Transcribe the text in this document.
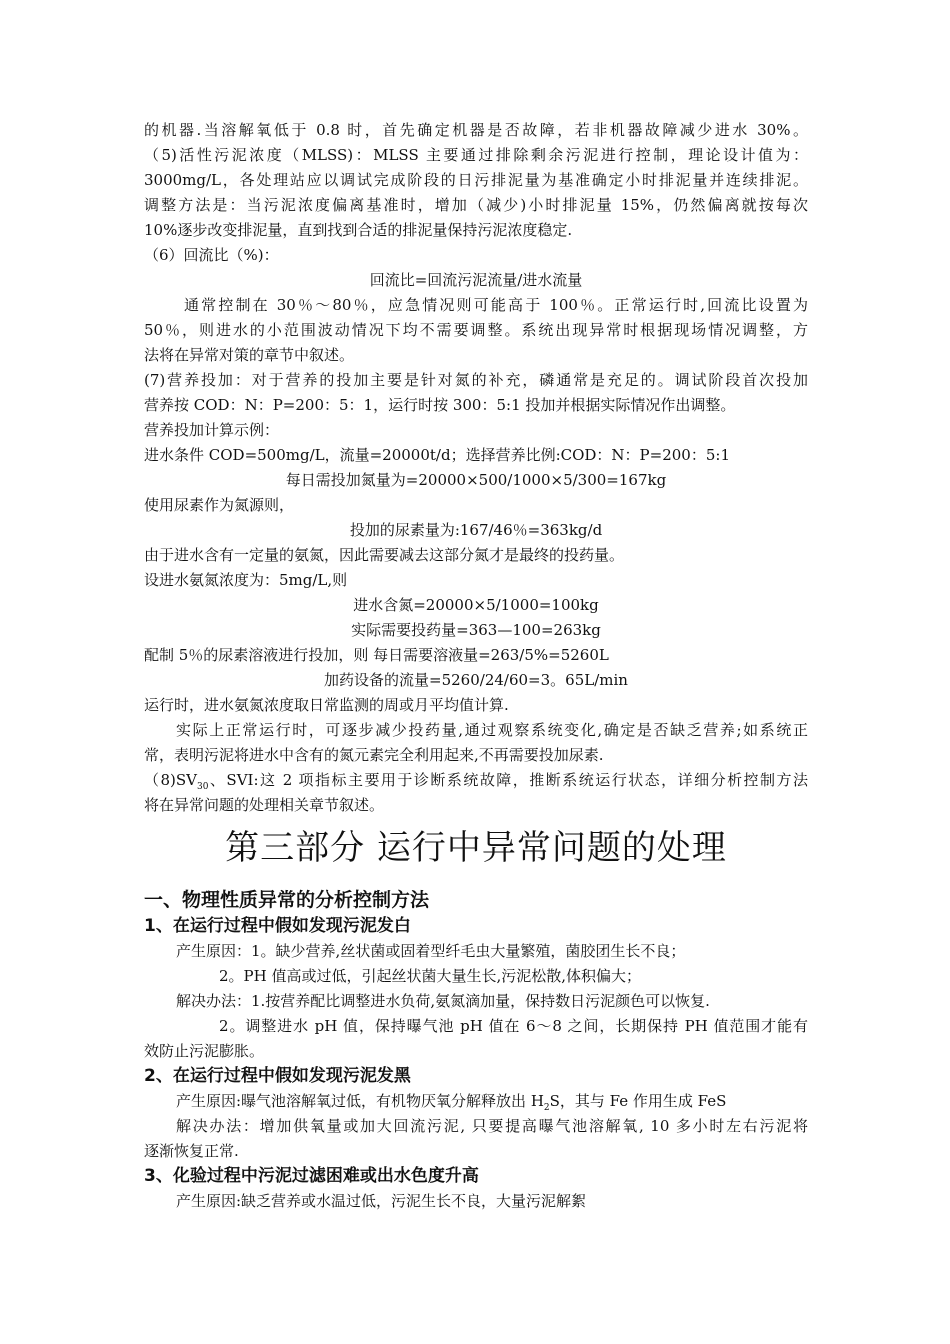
的机器.当溶解氧低于 0.8 时，首先确定机器是否故障，若非机器故障减少进水 30%。
（5)活性污泥浓度（MLSS)：MLSS 主要通过排除剩余污泥进行控制，理论设计值为：
3000mg/L，各处理站应以调试完成阶段的日污排泥量为基准确定小时排泥量并连续排泥。
调整方法是：当污泥浓度偏离基准时，增加（减少)小时排泥量 15%，仍然偏离就按每次
10%逐步改变排泥量，直到找到合适的排泥量保持污泥浓度稳定.
（6）回流比（%)：
回流比=回流污泥流量/进水流量
通常控制在 30％～80％，应急情况则可能高于 100％。正常运行时,回流比设置为
50％，则进水的小范围波动情况下均不需要调整。系统出现异常时根据现场情况调整，方
法将在异常对策的章节中叙述。
(7)营养投加：对于营养的投加主要是针对氮的补充，磷通常是充足的。调试阶段首次投加
营养按 COD：N：P=200：5：1，运行时按 300：5:1 投加并根据实际情况作出调整。
营养投加计算示例：
进水条件 COD=500mg/L，流量=20000t/d；选择营养比例:COD：N：P=200：5:1
每日需投加氮量为=20000×500/1000×5/300=167kg
使用尿素作为氮源则，
投加的尿素量为:167/46％=363kg/d
由于进水含有一定量的氨氮，因此需要减去这部分氮才是最终的投药量。
设进水氨氮浓度为：5mg/L,则
进水含氮=20000×5/1000=100kg
实际需要投药量=363—100=263kg
配制 5％的尿素溶液进行投加，则 每日需要溶液量=263/5%=5260L
加药设备的流量=5260/24/60=3。65L/min
运行时，进水氨氮浓度取日常监测的周或月平均值计算.
实际上正常运行时，可逐步减少投药量,通过观察系统变化,确定是否缺乏营养;如系统正
常，表明污泥将进水中含有的氮元素完全利用起来,不再需要投加尿素.
$(8)SV_{30}$、SVI:这 2 项指标主要用于诊断系统故障，推断系统运行状态，详细分析控制方法
将在异常问题的处理相关章节叙述。
第三部分 运行中异常问题的处理
一、物理性质异常的分析控制方法
1、在运行过程中假如发现污泥发白
产生原因：1。缺少营养,丝状菌或固着型纤毛虫大量繁殖，菌胶团生长不良；
2。PH 值高或过低，引起丝状菌大量生长,污泥松散,体积偏大；
解决办法：1.按营养配比调整进水负荷,氨氮滴加量，保持数日污泥颜色可以恢复.
2。调整进水 pH 值，保持曝气池 pH 值在 6～8 之间，长期保持 PH 值范围才能有
效防止污泥膨胀。
2、在运行过程中假如发现污泥发黑
产生原因:曝气池溶解氧过低，有机物厌氧分解释放出 $H_2S$，其与 Fe 作用生成 FeS
解决办法：增加供氧量或加大回流污泥, 只要提高曝气池溶解氧, 10 多小时左右污泥将
逐渐恢复正常.
3、化验过程中污泥过滤困难或出水色度升高
产生原因:缺乏营养或水温过低，污泥生长不良，大量污泥解絮
